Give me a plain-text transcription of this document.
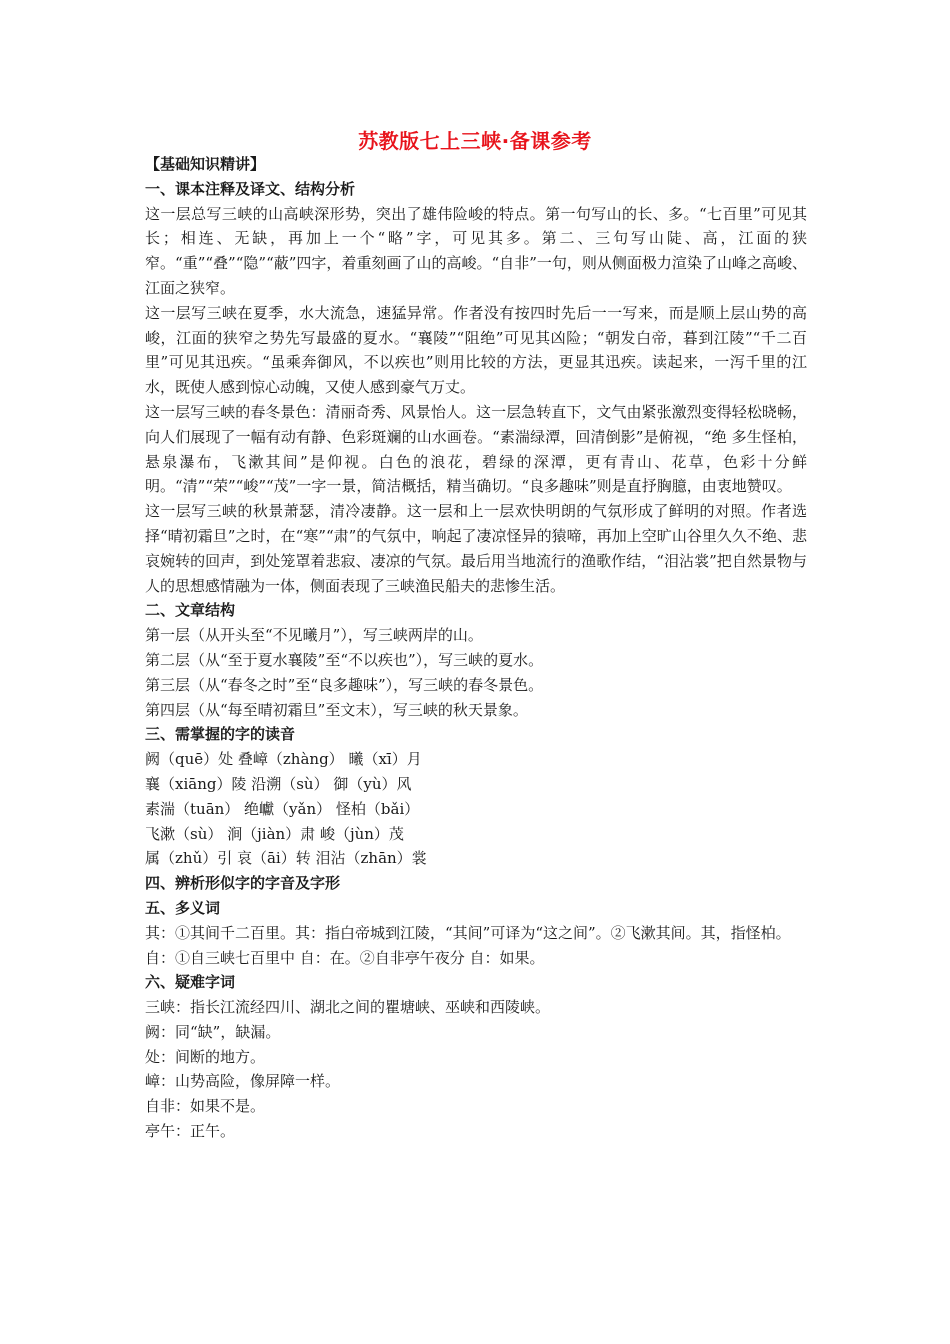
苏教版七上三峡·备课参考
【基础知识精讲】
一、课本注释及译文、结构分析
这一层总写三峡的山高峡深形势，突出了雄伟险峻的特点。第一句写山的长、多。“七百里”可见其长；相连、无缺，再加上一个“略”字，可见其多。第二、三句写山陡、高，江面的狭窄。“重”“叠”“隐”“蔽”四字，着重刻画了山的高峻。“自非”一句，则从侧面极力渲染了山峰之高峻、江面之狭窄。
这一层写三峡在夏季，水大流急，速猛异常。作者没有按四时先后一一写来，而是顺上层山势的高峻，江面的狭窄之势先写最盛的夏水。“襄陵”“阻绝”可见其凶险；“朝发白帝，暮到江陵”“千二百里”可见其迅疾。“虽乘奔御风，不以疾也”则用比较的方法，更显其迅疾。读起来，一泻千里的江水，既使人感到惊心动魄，又使人感到豪气万丈。
这一层写三峡的春冬景色：清丽奇秀、风景怡人。这一层急转直下，文气由紧张激烈变得轻松晓畅，向人们展现了一幅有动有静、色彩斑斓的山水画卷。“素湍绿潭，回清倒影”是俯视，“绝 多生怪柏，悬泉瀑布，飞漱其间”是仰视。白色的浪花，碧绿的深潭，更有青山、花草，色彩十分鲜明。“清”“荣”“峻”“茂”一字一景，简洁概括，精当确切。“良多趣味”则是直抒胸臆，由衷地赞叹。
这一层写三峡的秋景萧瑟，清冷凄静。这一层和上一层欢快明朗的气氛形成了鲜明的对照。作者选择“晴初霜旦”之时，在“寒”“肃”的气氛中，响起了凄凉怪异的猿啼，再加上空旷山谷里久久不绝、悲哀婉转的回声，到处笼罩着悲寂、凄凉的气氛。最后用当地流行的渔歌作结，“泪沾裳”把自然景物与人的思想感情融为一体，侧面表现了三峡渔民船夫的悲惨生活。
二、文章结构
第一层（从开头至“不见曦月”），写三峡两岸的山。
第二层（从“至于夏水襄陵”至“不以疾也”），写三峡的夏水。
第三层（从“春冬之时”至“良多趣味”），写三峡的春冬景色。
第四层（从“每至晴初霜旦”至文末），写三峡的秋天景象。
三、需掌握的字的读音
阙（quē）处 叠嶂（zhàng） 曦（xī）月
襄（xiāng）陵 沿溯（sù） 御（yù）风
素湍（tuān） 绝巘（yǎn） 怪柏（bǎi）
飞漱（sù） 涧（jiàn）肃 峻（jùn）茂
属（zhǔ）引 哀（āi）转 泪沾（zhān）裳
四、辨析形似字的字音及字形
五、多义词
其：①其间千二百里。其：指白帝城到江陵，“其间”可译为“这之间”。②飞漱其间。其，指怪柏。
自：①自三峡七百里中 自：在。②自非亭午夜分 自：如果。
六、疑难字词
三峡：指长江流经四川、湖北之间的瞿塘峡、巫峡和西陵峡。
阙：同“缺”，缺漏。
处：间断的地方。
嶂：山势高险，像屏障一样。
自非：如果不是。
亭午：正午。
